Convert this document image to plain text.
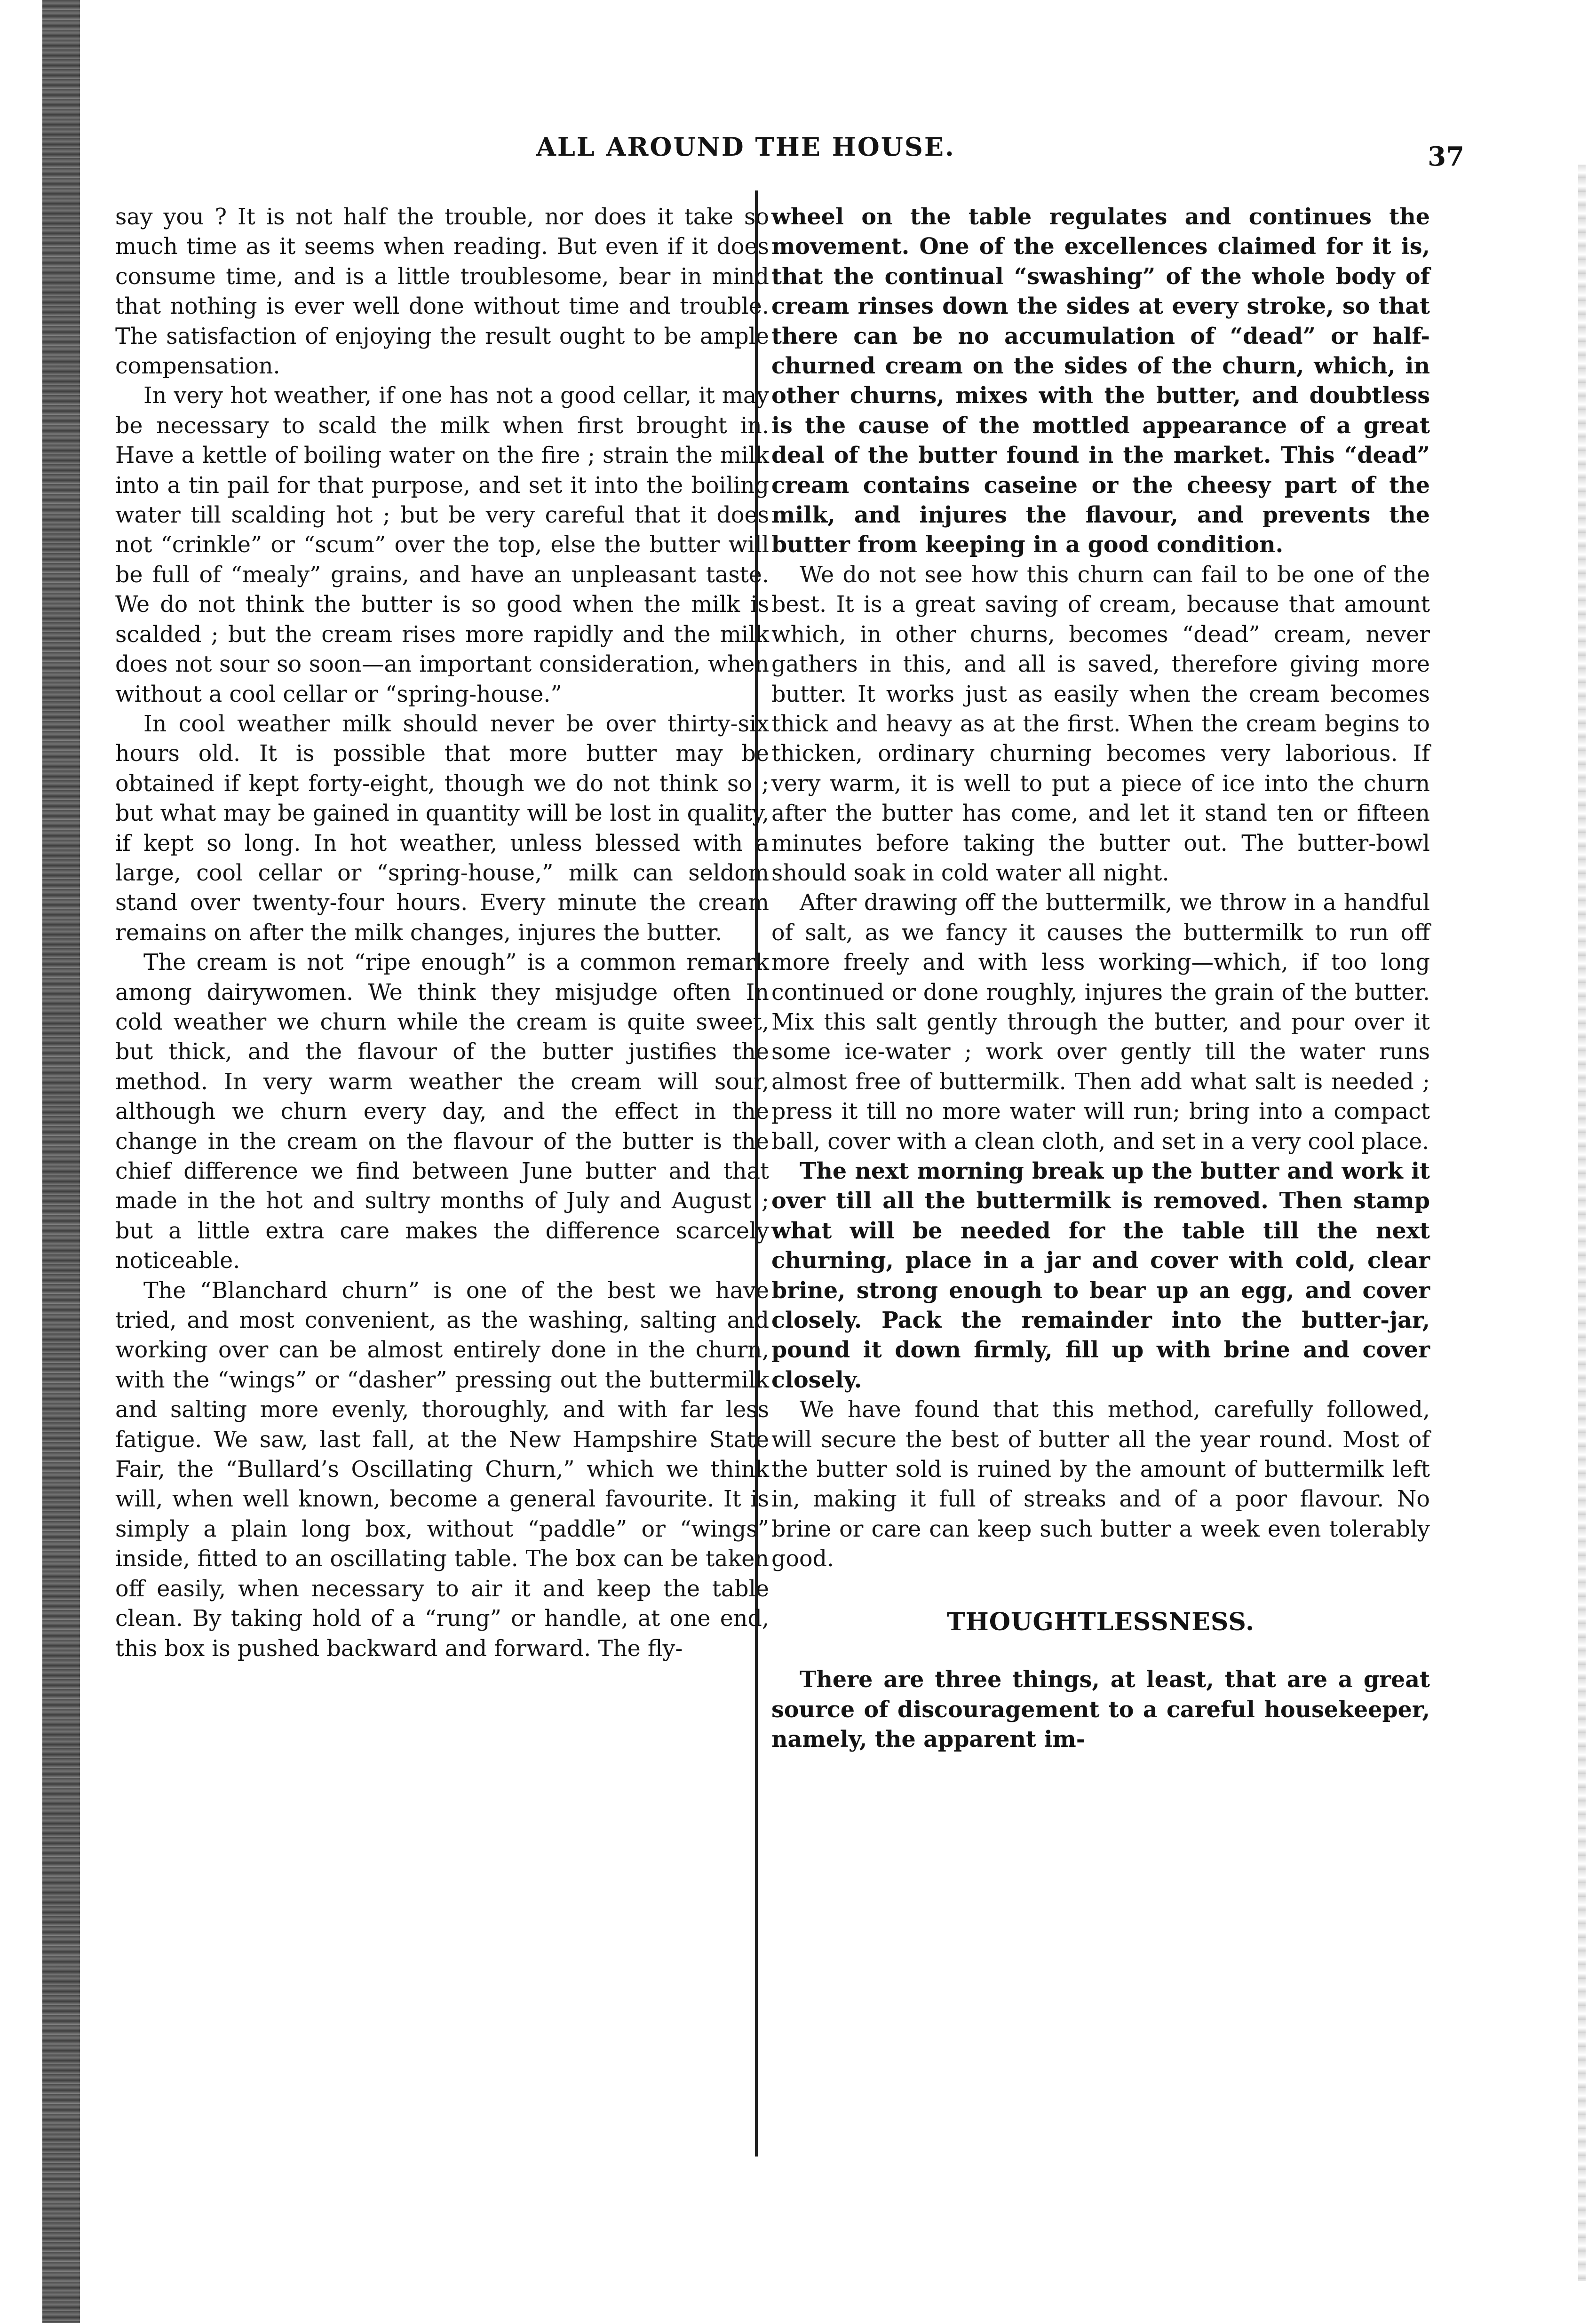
ALL AROUND THE HOUSE.	37

say you ? It is not half the trouble, nor does it take so much time as it seems when reading. But even if it does consume time, and is a little troublesome, bear in mind that nothing is ever well done without time and trouble. The satisfaction of enjoying the result ought to be ample compensation.

In very hot weather, if one has not a good cellar, it may be necessary to scald the milk when first brought in. Have a kettle of boiling water on the fire ; strain the milk into a tin pail for that purpose, and set it into the boiling water till scalding hot ; but be very careful that it does not “crinkle” or “scum” over the top, else the butter will be full of “mealy” grains, and have an unpleasant taste. We do not think the butter is so good when the milk is scalded ; but the cream rises more rapidly and the milk does not sour so soon—an important consideration, when without a cool cellar or “spring-house.”

In cool weather milk should never be over thirty-six hours old. It is possible that more butter may be obtained if kept forty-eight, though we do not think so ; but what may be gained in quantity will be lost in quality, if kept so long. In hot weather, unless blessed with a large, cool cellar or “spring-house,” milk can seldom stand over twenty-four hours. Every minute the cream remains on after the milk changes, injures the butter.

The cream is not “ripe enough” is a common remark among dairywomen. We think they misjudge often In cold weather we churn while the cream is quite sweet, but thick, and the flavour of the butter justifies the method. In very warm weather the cream will sour, although we churn every day, and the effect in the change in the cream on the flavour of the butter is the chief difference we find between June butter and that made in the hot and sultry months of July and August ; but a little extra care makes the difference scarcely noticeable.

The “Blanchard churn” is one of the best we have tried, and most convenient, as the washing, salting and working over can be almost entirely done in the churn, with the “wings” or “dasher” pressing out the buttermilk and salting more evenly, thoroughly, and with far less fatigue. We saw, last fall, at the New Hampshire State Fair, the “Bullard’s Oscillating Churn,” which we think will, when well known, become a general favourite. It is simply a plain long box, without “paddle” or “wings” inside, fitted to an oscillating table. The box can be taken off easily, when necessary to air it and keep the table clean. By taking hold of a “rung” or handle, at one end, this box is pushed backward and forward. The fly-

wheel on the table regulates and continues the movement. One of the excellences claimed for it is, that the continual “swashing” of the whole body of cream rinses down the sides at every stroke, so that there can be no accumulation of “dead” or half-churned cream on the sides of the churn, which, in other churns, mixes with the butter, and doubtless is the cause of the mottled appearance of a great deal of the butter found in the market. This “dead” cream contains caseine or the cheesy part of the milk, and injures the flavour, and prevents the butter from keeping in a good condition.

We do not see how this churn can fail to be one of the best. It is a great saving of cream, because that amount which, in other churns, becomes “dead” cream, never gathers in this, and all is saved, therefore giving more butter. It works just as easily when the cream becomes thick and heavy as at the first. When the cream begins to thicken, ordinary churning becomes very laborious. If very warm, it is well to put a piece of ice into the churn after the butter has come, and let it stand ten or fifteen minutes before taking the butter out. The butter-bowl should soak in cold water all night.

After drawing off the buttermilk, we throw in a handful of salt, as we fancy it causes the buttermilk to run off more freely and with less working—which, if too long continued or done roughly, injures the grain of the butter. Mix this salt gently through the butter, and pour over it some ice-water ; work over gently till the water runs almost free of buttermilk. Then add what salt is needed ; press it till no more water will run; bring into a compact ball, cover with a clean cloth, and set in a very cool place.

The next morning break up the butter and work it over till all the buttermilk is removed. Then stamp what will be needed for the table till the next churning, place in a jar and cover with cold, clear brine, strong enough to bear up an egg, and cover closely. Pack the remainder into the butter-jar, pound it down firmly, fill up with brine and cover closely.

We have found that this method, carefully followed, will secure the best of butter all the year round. Most of the butter sold is ruined by the amount of buttermilk left in, making it full of streaks and of a poor flavour. No brine or care can keep such butter a week even tolerably good.

THOUGHTLESSNESS.

There are three things, at least, that are a great source of discouragement to a careful housekeeper, namely, the apparent im-
